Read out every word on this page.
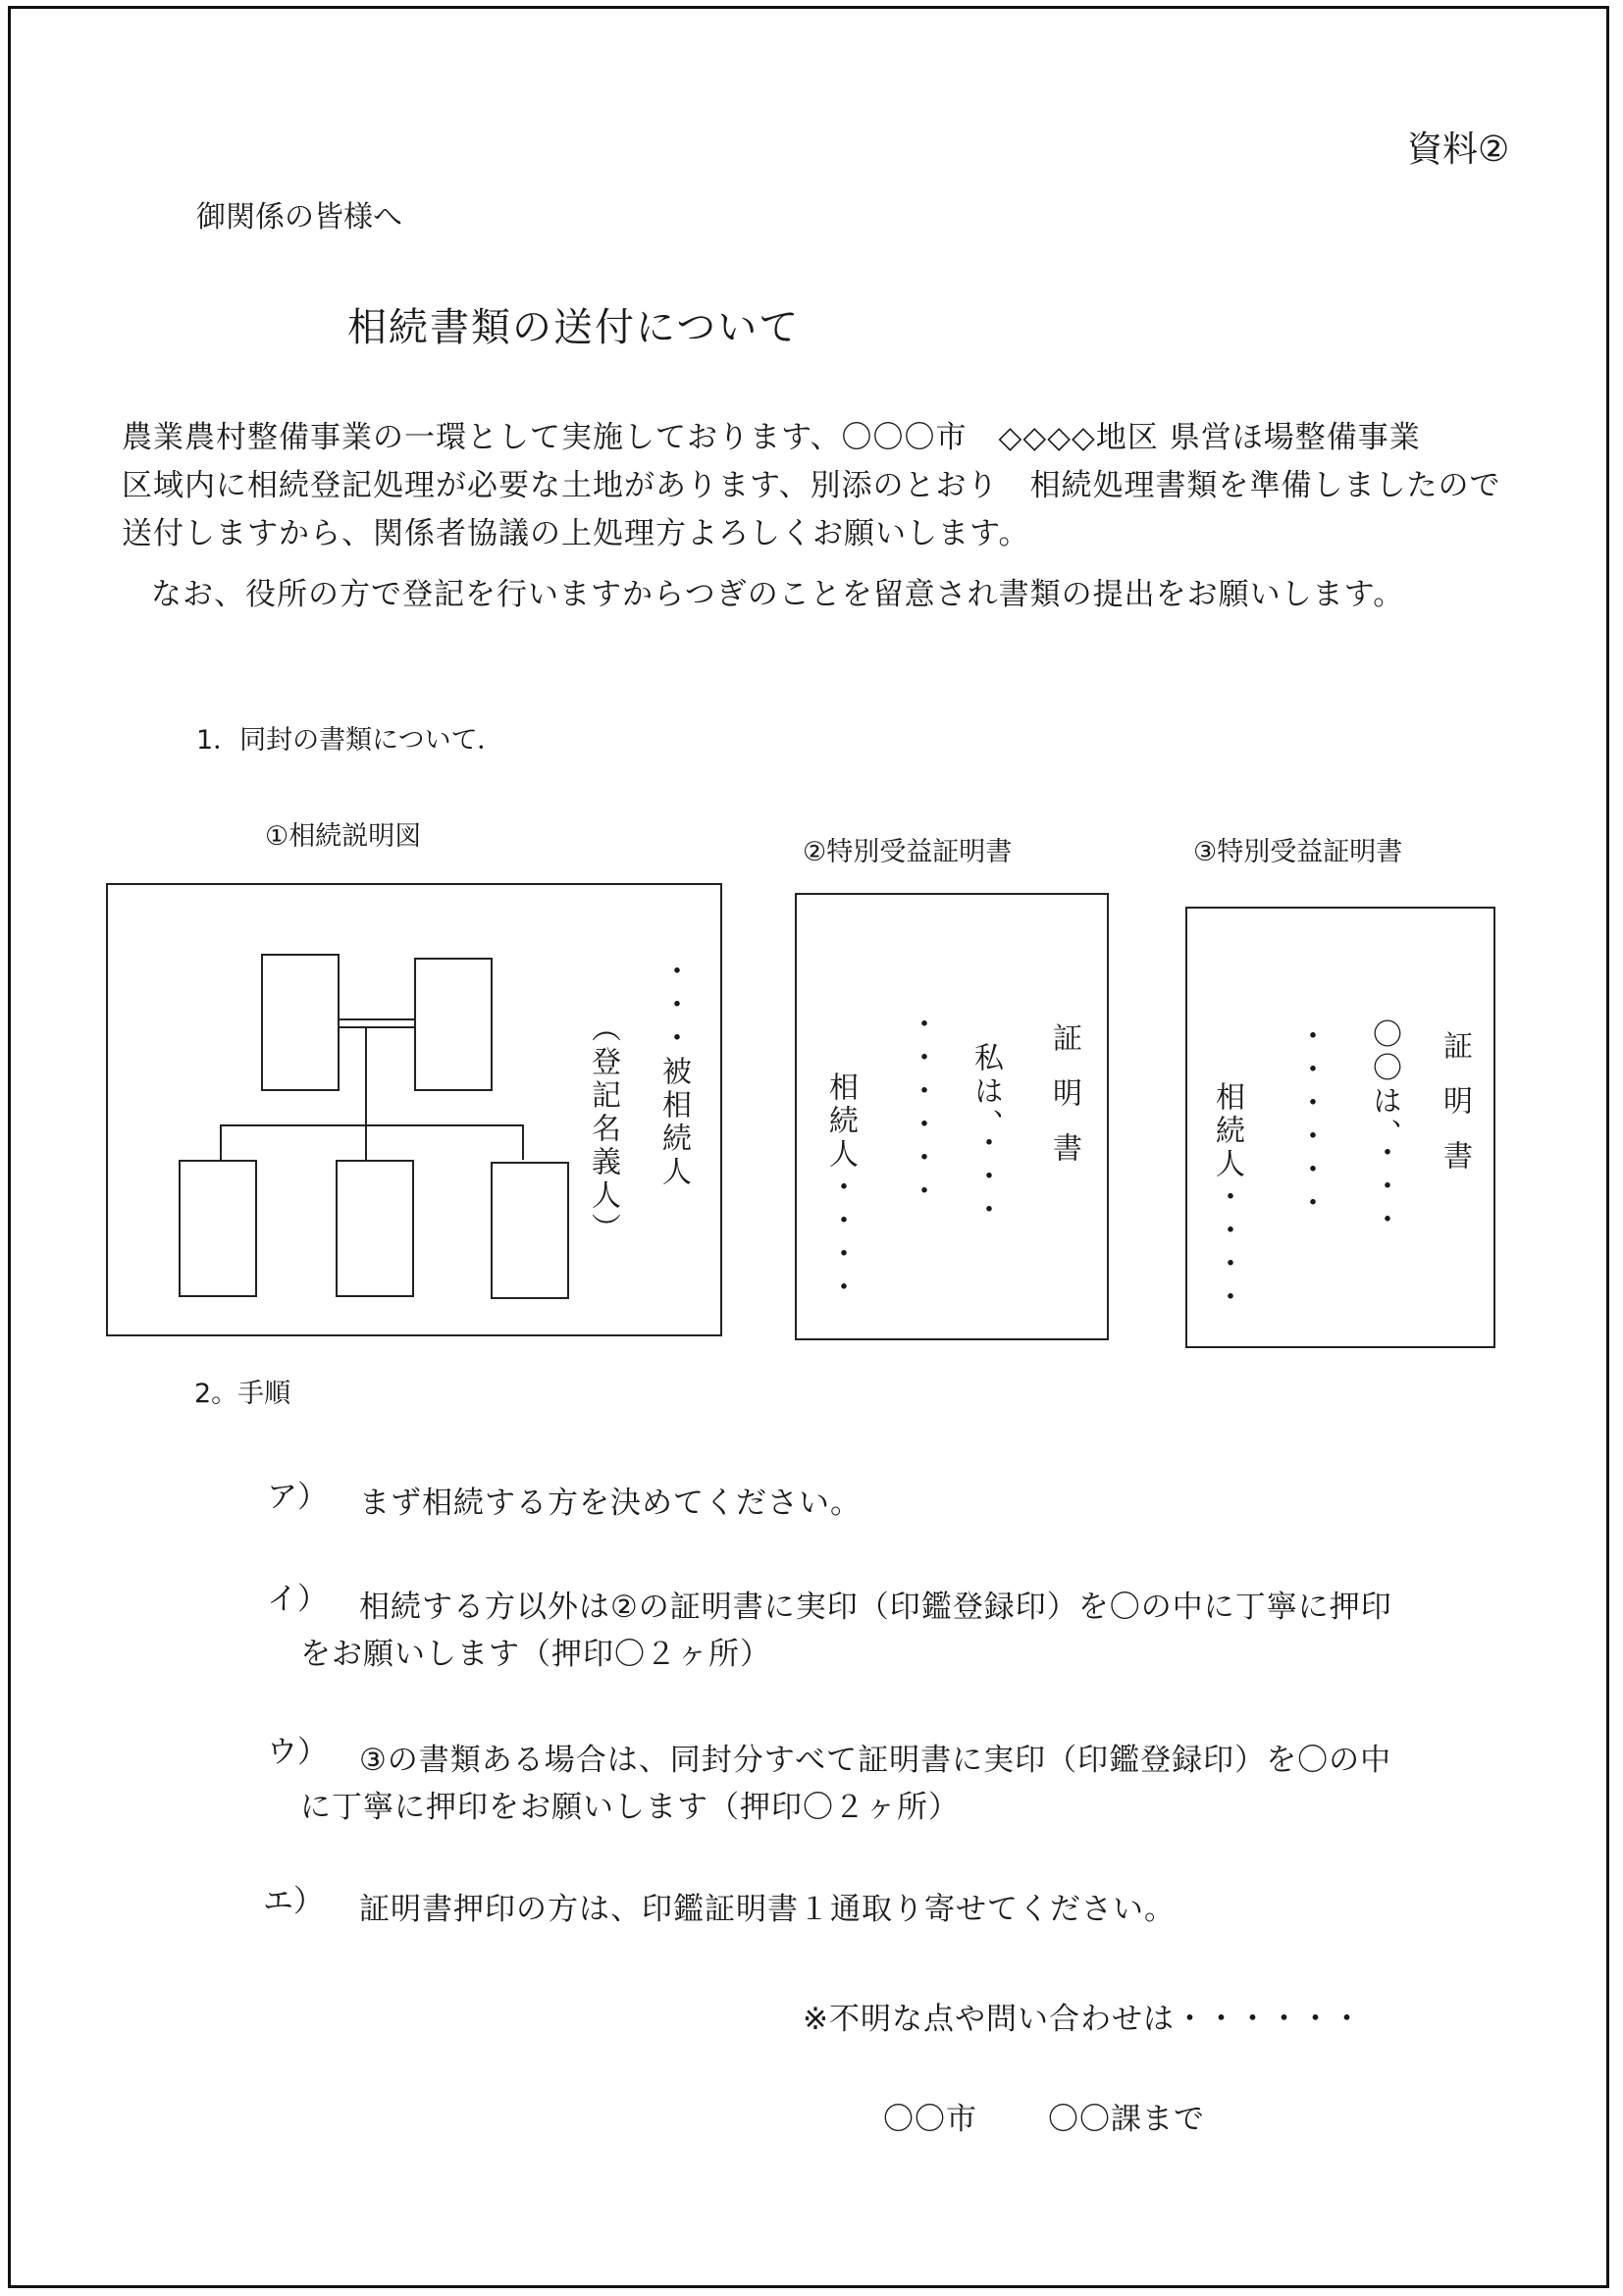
資料②
御関係の皆様へ
相続書類の送付について
農業農村整備事業の一環として実施しております、〇〇〇市　◇◇◇◇地区 県営ほ場整備事業
区域内に相続登記処理が必要な土地があります、別添のとおり　相続処理書類を準備しましたので
送付しますから、関係者協議の上処理方よろしくお願いします。
なお、役所の方で登記を行いますからつぎのことを留意され書類の提出をお願いします。
1．同封の書類について．
①相続説明図
・・・被相続人
（登記名義人）
②特別受益証明書
証明書
私は、・・・
・・・・・・
相続人・・・・
③特別受益証明書
証明書
〇〇は、・・・
・・・・・・
相続人・・・・
2。手順
ア） まず相続する方を決めてください。
イ） 相続する方以外は②の証明書に実印（印鑑登録印）を〇の中に丁寧に押印
をお願いします（押印〇２ヶ所）
ウ） ③の書類ある場合は、同封分すべて証明書に実印（印鑑登録印）を〇の中
に丁寧に押印をお願いします（押印〇２ヶ所）
エ） 証明書押印の方は、印鑑証明書１通取り寄せてください。
※不明な点や問い合わせは・・・・・・
〇〇市 〇〇課まで
